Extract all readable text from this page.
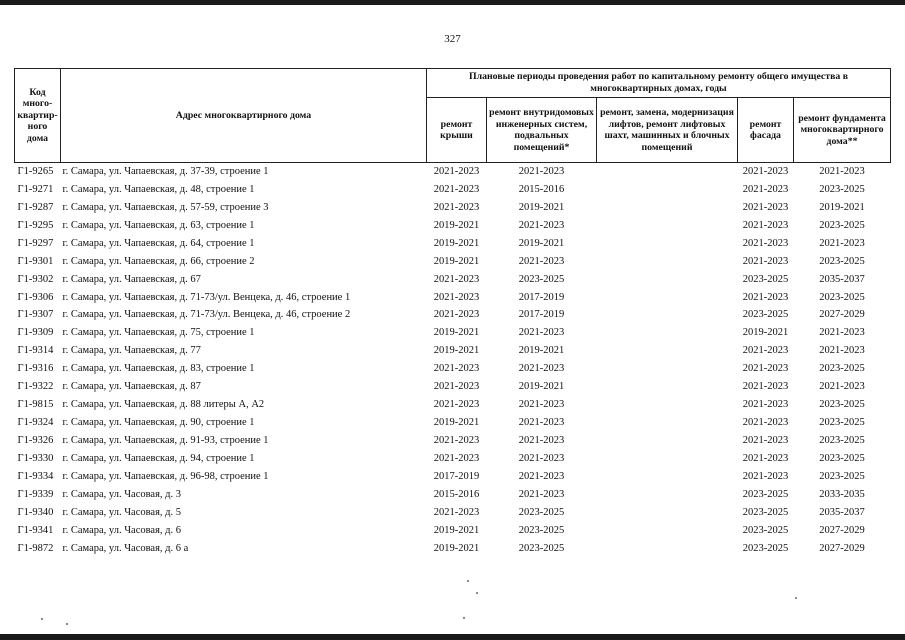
327
Код много-квартир-ного дома	Адрес многоквартирного дома	Плановые периоды проведения работ по капитальному ремонту общего имущества в многоквартирных домах, годы				
		ремонт крыши	ремонт внутридомовых инженерных систем, подвальных помещений*	ремонт, замена, модернизация лифтов, ремонт лифтовых шахт, машинных и блочных помещений	ремонт фасада	ремонт фундамента многоквартирного дома**
Г1-9265	г. Самара, ул. Чапаевская, д. 37-39, строение 1	2021-2023	2021-2023		2021-2023	2021-2023
Г1-9271	г. Самара, ул. Чапаевская, д. 48, строение 1	2021-2023	2015-2016		2021-2023	2023-2025
Г1-9287	г. Самара, ул. Чапаевская, д. 57-59, строение 3	2021-2023	2019-2021		2021-2023	2019-2021
Г1-9295	г. Самара, ул. Чапаевская, д. 63, строение 1	2019-2021	2021-2023		2021-2023	2023-2025
Г1-9297	г. Самара, ул. Чапаевская, д. 64, строение 1	2019-2021	2019-2021		2021-2023	2021-2023
Г1-9301	г. Самара, ул. Чапаевская, д. 66, строение 2	2019-2021	2021-2023		2021-2023	2023-2025
Г1-9302	г. Самара, ул. Чапаевская, д. 67	2021-2023	2023-2025		2023-2025	2035-2037
Г1-9306	г. Самара, ул. Чапаевская, д. 71-73/ул. Венцека, д. 46, строение 1	2021-2023	2017-2019		2021-2023	2023-2025
Г1-9307	г. Самара, ул. Чапаевская, д. 71-73/ул. Венцека, д. 46, строение 2	2021-2023	2017-2019		2023-2025	2027-2029
Г1-9309	г. Самара, ул. Чапаевская, д. 75, строение 1	2019-2021	2021-2023		2019-2021	2021-2023
Г1-9314	г. Самара, ул. Чапаевская, д. 77	2019-2021	2019-2021		2021-2023	2021-2023
Г1-9316	г. Самара, ул. Чапаевская, д. 83, строение 1	2021-2023	2021-2023		2021-2023	2023-2025
Г1-9322	г. Самара, ул. Чапаевская, д. 87	2021-2023	2019-2021		2021-2023	2021-2023
Г1-9815	г. Самара, ул. Чапаевская, д. 88 литеры А, А2	2021-2023	2021-2023		2021-2023	2023-2025
Г1-9324	г. Самара, ул. Чапаевская, д. 90, строение 1	2019-2021	2021-2023		2021-2023	2023-2025
Г1-9326	г. Самара, ул. Чапаевская, д. 91-93, строение 1	2021-2023	2021-2023		2021-2023	2023-2025
Г1-9330	г. Самара, ул. Чапаевская, д. 94, строение 1	2021-2023	2021-2023		2021-2023	2023-2025
Г1-9334	г. Самара, ул. Чапаевская, д. 96-98, строение 1	2017-2019	2021-2023		2021-2023	2023-2025
Г1-9339	г. Самара, ул. Часовая, д. 3	2015-2016	2021-2023		2023-2025	2033-2035
Г1-9340	г. Самара, ул. Часовая, д. 5	2021-2023	2023-2025		2023-2025	2035-2037
Г1-9341	г. Самара, ул. Часовая, д. 6	2019-2021	2023-2025		2023-2025	2027-2029
Г1-9872	г. Самара, ул. Часовая, д. 6 а	2019-2021	2023-2025		2023-2025	2027-2029
